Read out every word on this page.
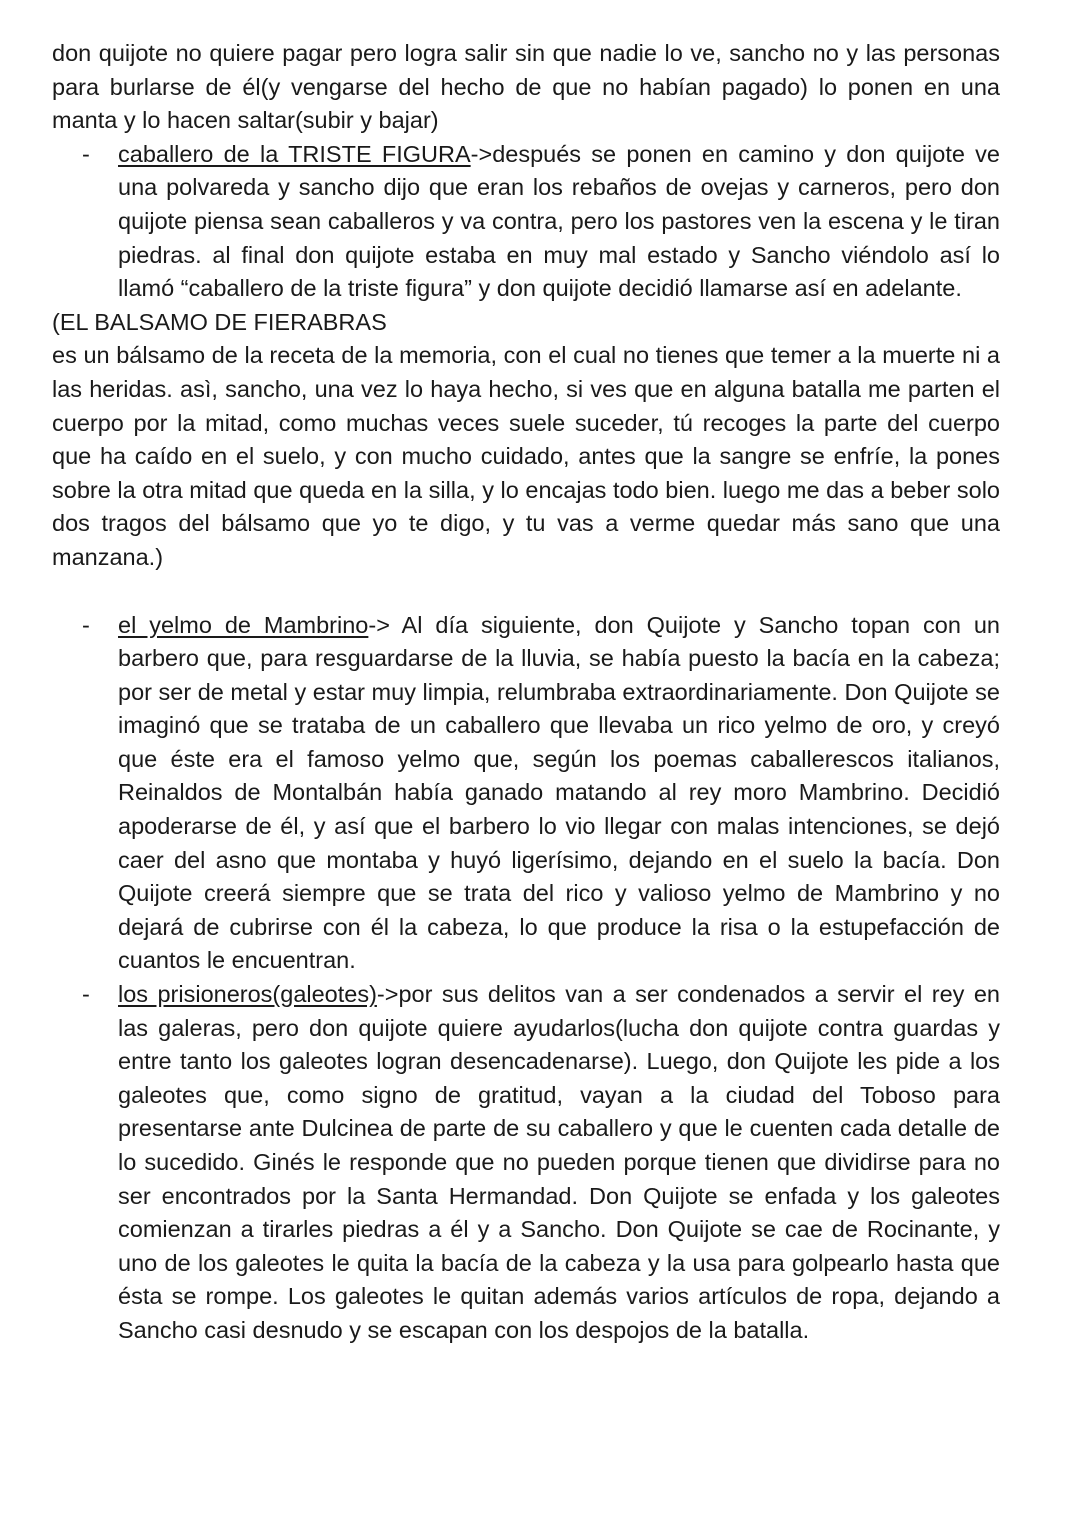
don quijote no quiere pagar pero logra salir sin que nadie lo ve, sancho no y las personas para burlarse de él(y vengarse del hecho de que no habían pagado) lo ponen en una manta y lo hacen saltar(subir y bajar)

- caballero de la TRISTE FIGURA->después se ponen en camino y don quijote ve una polvareda y sancho dijo que eran los rebaños de ovejas y carneros, pero don quijote piensa sean caballeros y va contra, pero los pastores ven la escena y le tiran piedras. al final don quijote estaba en muy mal estado y Sancho viéndolo así lo llamó “caballero de la triste figura” y don quijote decidió llamarse así en adelante.

(EL BALSAMO DE FIERABRAS

es un bálsamo de la receta de la memoria, con el cual no tienes que temer a la muerte ni a las heridas. asì, sancho, una vez lo haya hecho, si ves que en alguna batalla me parten el cuerpo por la mitad, como muchas veces suele suceder, tú recoges la parte del cuerpo que ha caído en el suelo, y con mucho cuidado, antes que la sangre se enfríe, la pones sobre la otra mitad que queda en la silla, y lo encajas todo bien. luego me das a beber solo dos tragos del bálsamo que yo te digo, y tu vas a verme quedar más sano que una manzana.)

- el yelmo de Mambrino-> Al día siguiente, don Quijote y Sancho topan con un barbero que, para resguardarse de la lluvia, se había puesto la bacía en la cabeza; por ser de metal y estar muy limpia, relumbraba extraordinariamente. Don Quijote se imaginó que se trataba de un caballero que llevaba un rico yelmo de oro, y creyó que éste era el famoso yelmo que, según los poemas caballerescos italianos, Reinaldos de Montalbán había ganado matando al rey moro Mambrino. Decidió apoderarse de él, y así que el barbero lo vio llegar con malas intenciones, se dejó caer del asno que montaba y huyó ligerísimo, dejando en el suelo la bacía. Don Quijote creerá siempre que se trata del rico y valioso yelmo de Mambrino y no dejará de cubrirse con él la cabeza, lo que produce la risa o la estupefacción de cuantos le encuentran.

- los prisioneros(galeotes)->por sus delitos van a ser condenados a servir el rey en las galeras, pero don quijote quiere ayudarlos(lucha don quijote contra guardas y entre tanto los galeotes logran desencadenarse). Luego, don Quijote les pide a los galeotes que, como signo de gratitud, vayan a la ciudad del Toboso para presentarse ante Dulcinea de parte de su caballero y que le cuenten cada detalle de lo sucedido. Ginés le responde que no pueden porque tienen que dividirse para no ser encontrados por la Santa Hermandad. Don Quijote se enfada y los galeotes comienzan a tirarles piedras a él y a Sancho. Don Quijote se cae de Rocinante, y uno de los galeotes le quita la bacía de la cabeza y la usa para golpearlo hasta que ésta se rompe. Los galeotes le quitan además varios artículos de ropa, dejando a Sancho casi desnudo y se escapan con los despojos de la batalla.
